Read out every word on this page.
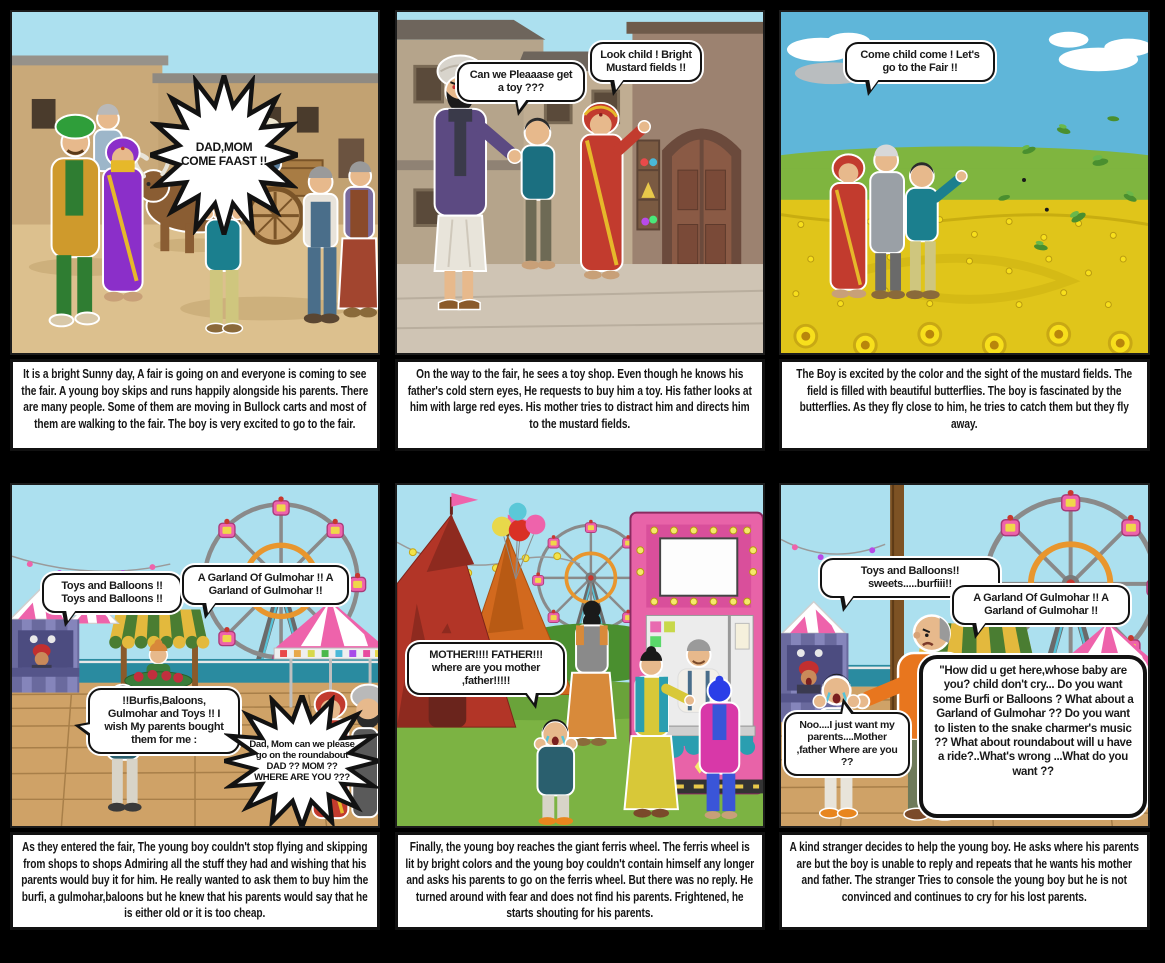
DAD,MOM COME FAAST !!
It is a bright Sunny day, A fair is going on and everyone is coming to see the fair. A young boy skips and runs happily alongside his parents. There are many people. Some of them are moving in Bullock carts and most of them are walking to the fair. The boy is very excited to go to the fair.
Can we Pleaaase get a toy ???
Look child ! Bright Mustard fields !!
On the way to the fair, he sees a toy shop. Even though he knows his father's cold stern eyes, He requests to buy him a toy. His father looks at him with large red eyes. His mother tries to distract him and directs him to the mustard fields.
Come child come ! Let's go to the Fair !!
The Boy is excited by the color and the sight of the mustard fields. The field is filled with beautiful butterflies. The boy is fascinated by the butterflies. As they fly close to him, he tries to catch them but they fly away.
Toys and Balloons !! Toys and Balloons !!
A Garland Of Gulmohar !! A Garland of Gulmohar !!
!!Burfis,Baloons, Gulmohar and Toys !! I wish My parents bought them for me :	Dad, Mom can we please go on the roundabout DAD ?? MOM ?? WHERE ARE YOU ???
As they entered the fair, The young boy couldn't stop flying and skipping from shops to shops Admiring all the stuff they had and wishing that his parents would buy it for him. He really wanted to ask them to buy him the burfi, a gulmohar,baloons but he knew that his parents would say that he is either old or it is too cheap.
MOTHER!!!! FATHER!!! where are you mother ,father!!!!!
Finally, the young boy reaches the giant ferris wheel. The ferris wheel is lit by bright colors and the young boy couldn't contain himself any longer and asks his parents to go on the ferris wheel. But there was no reply. He turned around with fear and does not find his parents. Frightened, he starts shouting for his parents.
Toys and Balloons!! sweets.....burfiii!!
A Garland Of Gulmohar !! A Garland of Gulmohar !!
Noo....I just want my parents....Mother ,father Where are you ??
"How did u get here,whose baby are you? child don't cry... Do you want some Burfi or Balloons ? What about a Garland of Gulmohar ?? Do you want to listen to the snake charmer's music ?? What about roundabout will u have a ride?..What's wrong ...What do you want ??
A kind stranger decides to help the young boy. He asks where his parents are but the boy is unable to reply and repeats that he wants his mother and father. The stranger Tries to console the young boy but he is not convinced and continues to cry for his lost parents.
